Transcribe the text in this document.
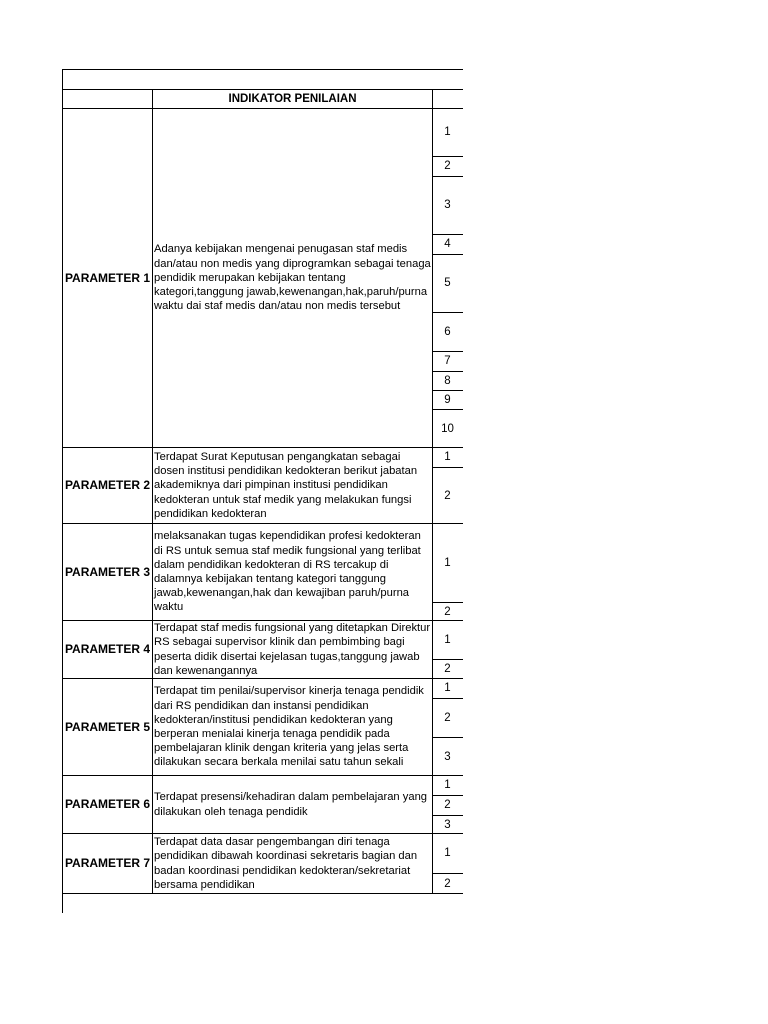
INDIKATOR PENILAIAN
PARAMETER 1
Adanya kebijakan mengenai penugasan staf medis dan/atau non medis yang diprogramkan sebagai tenaga pendidik merupakan kebijakan tentang kategori,tanggung jawab,kewenangan,hak,paruh/purna waktu dai staf medis dan/atau non medis tersebut
1
2
3
4
5
6
7
8
9
10
PARAMETER 2
Terdapat Surat Keputusan pengangkatan sebagai dosen institusi pendidikan kedokteran berikut jabatan akademiknya dari pimpinan institusi pendidikan kedokteran untuk staf medik yang melakukan fungsi pendidikan kedokteran
1
2
PARAMETER 3
melaksanakan tugas kependidikan profesi kedokteran di RS untuk semua staf medik fungsional yang terlibat dalam pendidikan kedokteran di RS tercakup di dalamnya kebijakan tentang kategori tanggung jawab,kewenangan,hak dan kewajiban paruh/purna waktu
1
2
PARAMETER 4
Terdapat staf medis fungsional yang ditetapkan Direktur RS sebagai supervisor klinik dan pembimbing bagi peserta didik disertai kejelasan tugas,tanggung jawab dan kewenangannya
1
2
PARAMETER 5
Terdapat tim penilai/supervisor kinerja tenaga pendidik dari RS pendidikan dan instansi pendidikan kedokteran/institusi pendidikan kedokteran yang berperan menialai kinerja tenaga pendidik pada pembelajaran klinik dengan kriteria yang jelas serta dilakukan secara berkala menilai satu tahun sekali
1
2
3
PARAMETER 6
Terdapat presensi/kehadiran dalam pembelajaran yang dilakukan oleh tenaga pendidik
1
2
3
PARAMETER 7
Terdapat data dasar pengembangan diri tenaga pendidikan dibawah koordinasi sekretaris bagian dan badan koordinasi pendidikan kedokteran/sekretariat bersama pendidikan
1
2
